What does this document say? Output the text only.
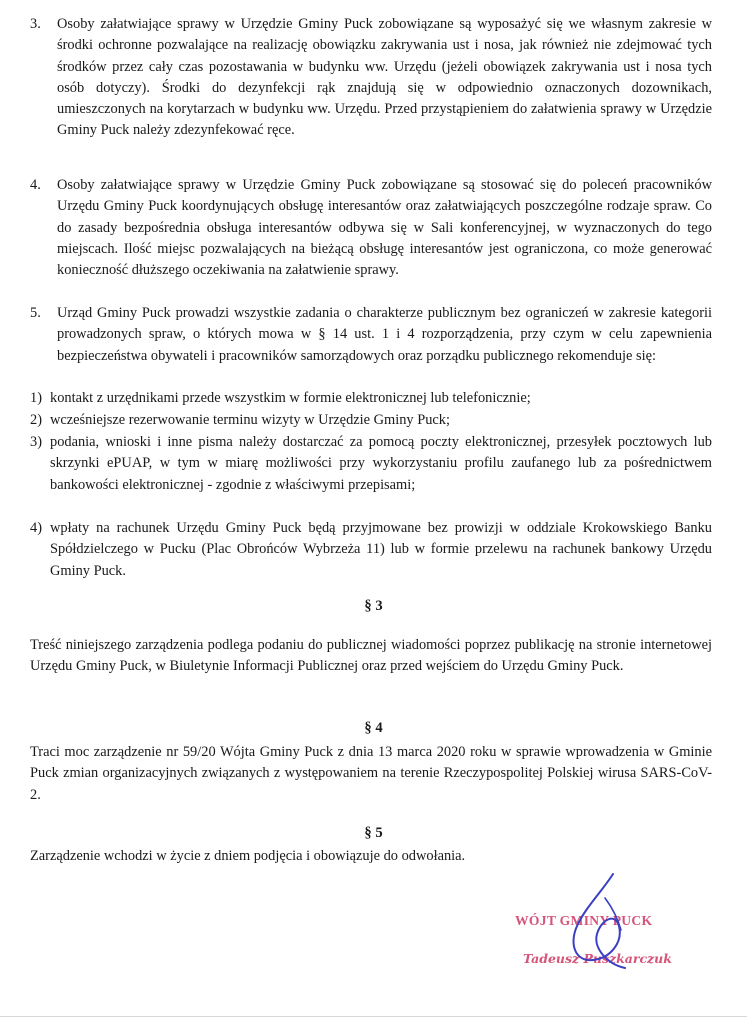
3. Osoby załatwiające sprawy w Urzędzie Gminy Puck zobowiązane są wyposażyć się we własnym zakresie w środki ochronne pozwalające na realizację obowiązku zakrywania ust i nosa, jak również nie zdejmować tych środków przez cały czas pozostawania w budynku ww. Urzędu (jeżeli obowiązek zakrywania ust i nosa tych osób dotyczy). Środki do dezynfekcji rąk znajdują się w odpowiednio oznaczonych dozownikach, umieszczonych na korytarzach w budynku ww. Urzędu. Przed przystąpieniem do załatwienia sprawy w Urzędzie Gminy Puck należy zdezynfekować ręce.
4. Osoby załatwiające sprawy w Urzędzie Gminy Puck zobowiązane są stosować się do poleceń pracowników Urzędu Gminy Puck koordynujących obsługę interesantów oraz załatwiających poszczególne rodzaje spraw. Co do zasady bezpośrednia obsługa interesantów odbywa się w Sali konferencyjnej, w wyznaczonych do tego miejscach. Ilość miejsc pozwalających na bieżącą obsługę interesantów jest ograniczona, co może generować konieczność dłuższego oczekiwania na załatwienie sprawy.
5. Urząd Gminy Puck prowadzi wszystkie zadania o charakterze publicznym bez ograniczeń w zakresie kategorii prowadzonych spraw, o których mowa w § 14 ust. 1 i 4 rozporządzenia, przy czym w celu zapewnienia bezpieczeństwa obywateli i pracowników samorządowych oraz porządku publicznego rekomenduje się:
1) kontakt z urzędnikami przede wszystkim w formie elektronicznej lub telefonicznie;
2) wcześniejsze rezerwowanie terminu wizyty w Urzędzie Gminy Puck;
3) podania, wnioski i inne pisma należy dostarczać za pomocą poczty elektronicznej, przesyłek pocztowych lub skrzynki ePUAP, w tym w miarę możliwości przy wykorzystaniu profilu zaufanego lub za pośrednictwem bankowości elektronicznej - zgodnie z właściwymi przepisami;
4) wpłaty na rachunek Urzędu Gminy Puck będą przyjmowane bez prowizji w oddziale Krokowskiego Banku Spółdzielczego w Pucku (Plac Obrońców Wybrzeża 11) lub w formie przelewu na rachunek bankowy Urzędu Gminy Puck.
§ 3
Treść niniejszego zarządzenia podlega podaniu do publicznej wiadomości poprzez publikację na stronie internetowej Urzędu Gminy Puck, w Biuletynie Informacji Publicznej oraz przed wejściem do Urzędu Gminy Puck.
§ 4
Traci moc zarządzenie nr 59/20 Wójta Gminy Puck z dnia 13 marca 2020 roku w sprawie wprowadzenia w Gminie Puck zmian organizacyjnych związanych z występowaniem na terenie Rzeczypospolitej Polskiej wirusa SARS-CoV-2.
§ 5
Zarządzenie wchodzi w życie z dniem podjęcia i obowiązuje do odwołania.
WÓJT GMINY PUCK
Tadeusz Puszkarczuk
